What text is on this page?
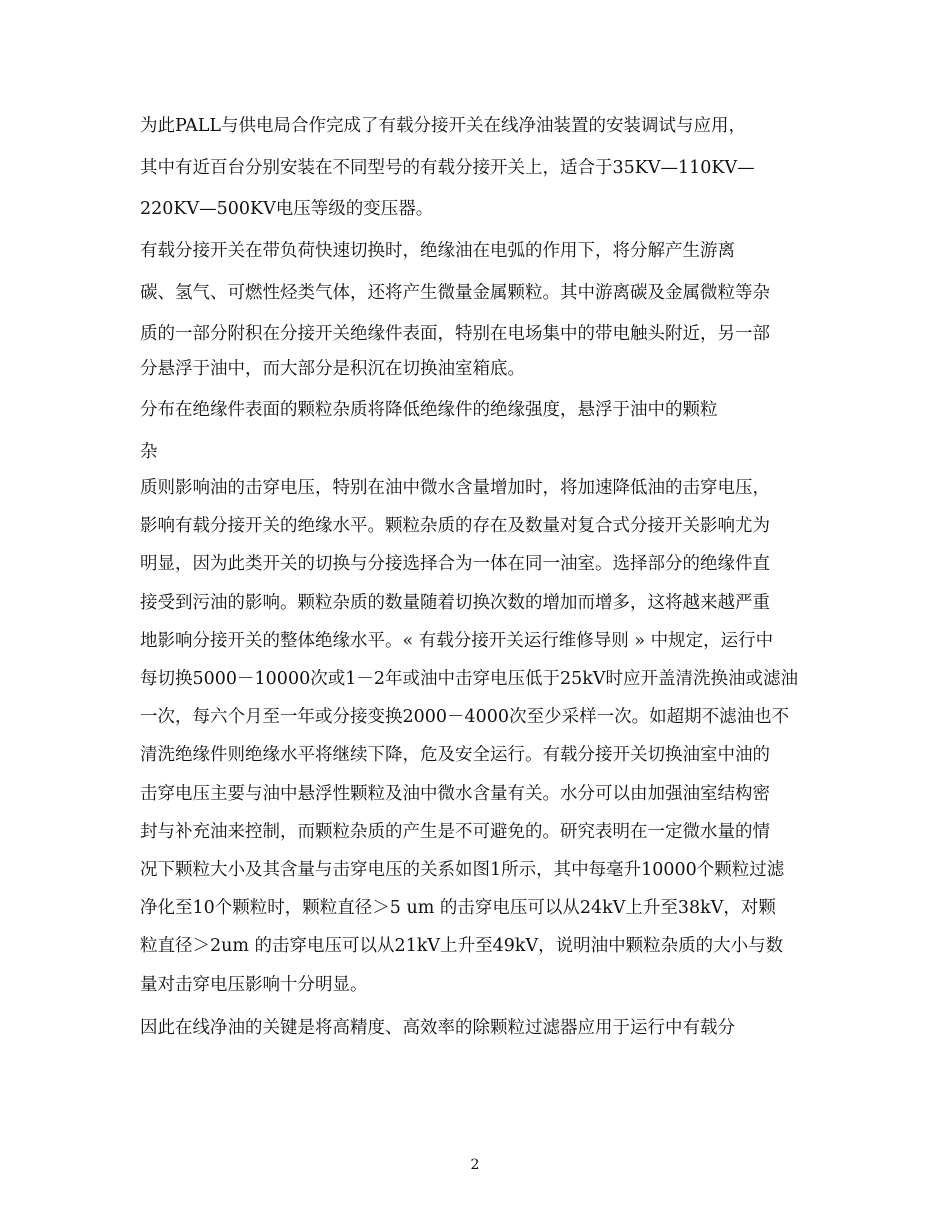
为此PALL与供电局合作完成了有载分接开关在线净油装置的安装调试与应用，
其中有近百台分别安装在不同型号的有载分接开关上，适合于35KV—110KV—
220KV—500KV电压等级的变压器。
有载分接开关在带负荷快速切换时，绝缘油在电弧的作用下，将分解产生游离
碳、氢气、可燃性烃类气体，还将产生微量金属颗粒。其中游离碳及金属微粒等杂
质的一部分附积在分接开关绝缘件表面，特别在电场集中的带电触头附近，另一部
分悬浮于油中，而大部分是积沉在切换油室箱底。
分布在绝缘件表面的颗粒杂质将降低绝缘件的绝缘强度，悬浮于油中的颗粒
杂
质则影响油的击穿电压，特别在油中微水含量增加时，将加速降低油的击穿电压，
影响有载分接开关的绝缘水平。颗粒杂质的存在及数量对复合式分接开关影响尤为
明显，因为此类开关的切换与分接选择合为一体在同一油室。选择部分的绝缘件直
接受到污油的影响。颗粒杂质的数量随着切换次数的增加而增多，这将越来越严重
地影响分接开关的整体绝缘水平。« 有载分接开关运行维修导则 » 中规定，运行中
每切换5000－10000次或1－2年或油中击穿电压低于25kV时应开盖清洗换油或滤油
一次，每六个月至一年或分接变换2000－4000次至少采样一次。如超期不滤油也不
清洗绝缘件则绝缘水平将继续下降，危及安全运行。有载分接开关切换油室中油的
击穿电压主要与油中悬浮性颗粒及油中微水含量有关。水分可以由加强油室结构密
封与补充油来控制，而颗粒杂质的产生是不可避免的。研究表明在一定微水量的情
况下颗粒大小及其含量与击穿电压的关系如图1所示，其中每毫升10000个颗粒过滤
净化至10个颗粒时，颗粒直径＞5 um 的击穿电压可以从24kV上升至38kV，对颗
粒直径＞2um 的击穿电压可以从21kV上升至49kV，说明油中颗粒杂质的大小与数
量对击穿电压影响十分明显。
因此在线净油的关键是将高精度、高效率的除颗粒过滤器应用于运行中有载分
2
